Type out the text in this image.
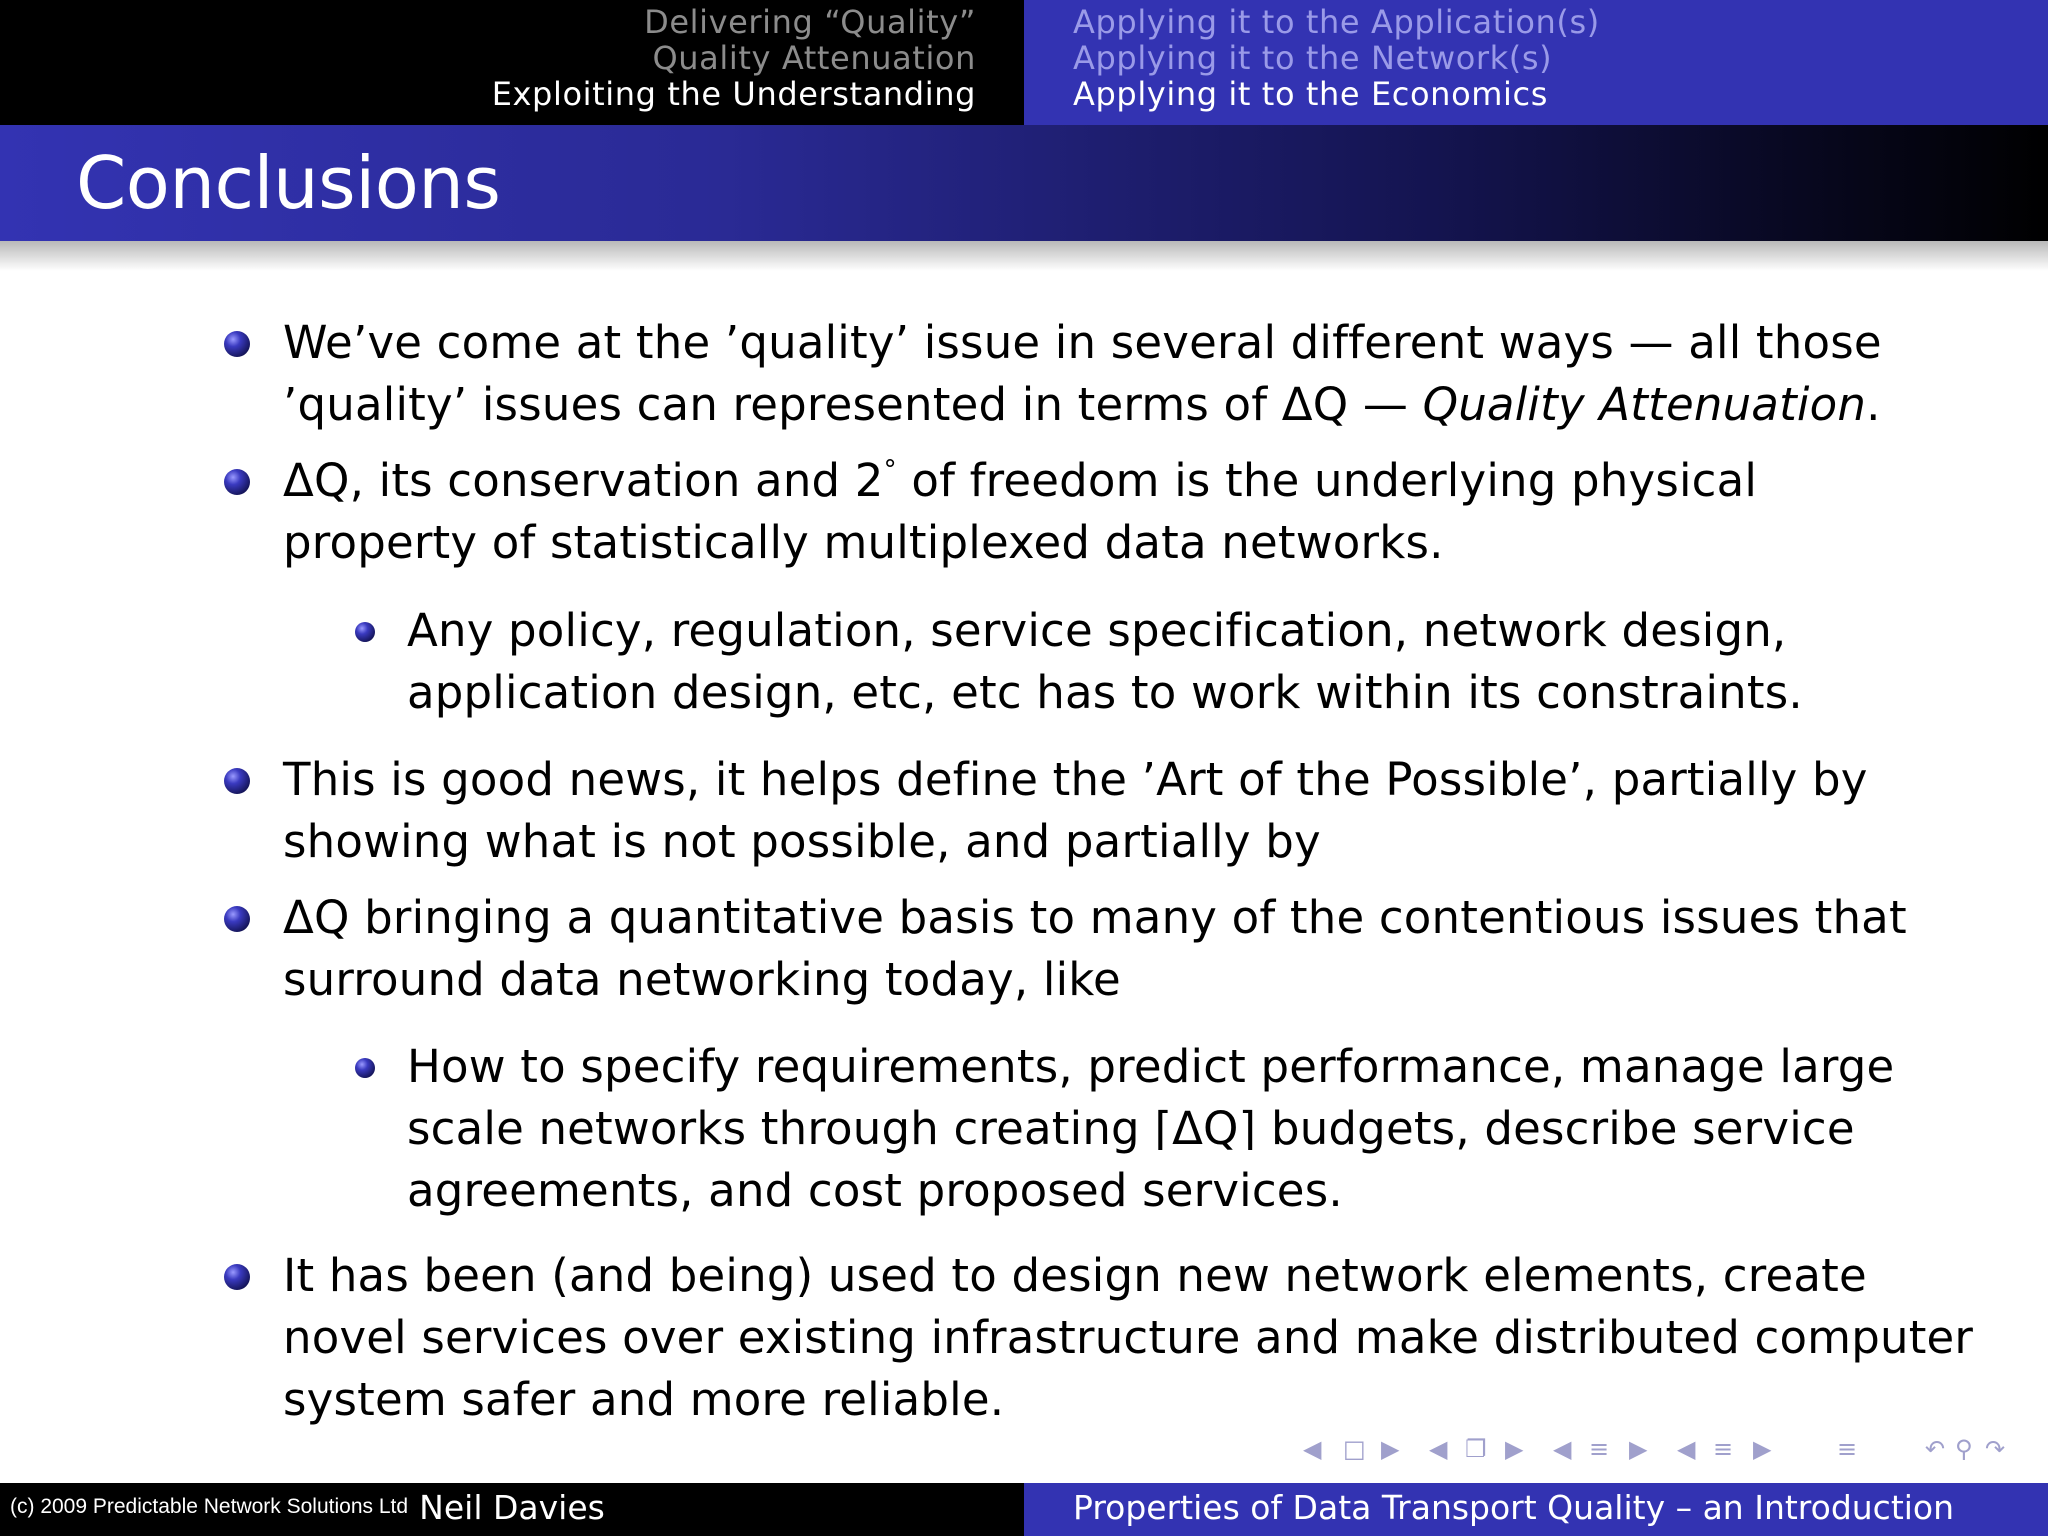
Delivering “Quality”
Quality Attenuation
Exploiting the Understanding
Applying it to the Application(s)
Applying it to the Network(s)
Applying it to the Economics
Conclusions
We’ve come at the ’quality’ issue in several different ways — all those
’quality’ issues can represented in terms of ΔQ — Quality Attenuation.
ΔQ, its conservation and 2° of freedom is the underlying physical
property of statistically multiplexed data networks.
Any policy, regulation, service specification, network design,
application design, etc, etc has to work within its constraints.
This is good news, it helps define the ’Art of the Possible’, partially by
showing what is not possible, and partially by
ΔQ bringing a quantitative basis to many of the contentious issues that
surround data networking today, like
How to specify requirements, predict performance, manage large
scale networks through creating ⌈ΔQ⌉ budgets, describe service
agreements, and cost proposed services.
It has been (and being) used to design new network elements, create
novel services over existing infrastructure and make distributed computer
system safer and more reliable.
◀ □ ▶ ◀ ❐ ▶ ◀ ≡ ▶ ◀ ≡ ▶	≡	↶ ⚲ ↷
(c) 2009 Predictable Network Solutions Ltd Neil Davies	Properties of Data Transport Quality – an Introduction
